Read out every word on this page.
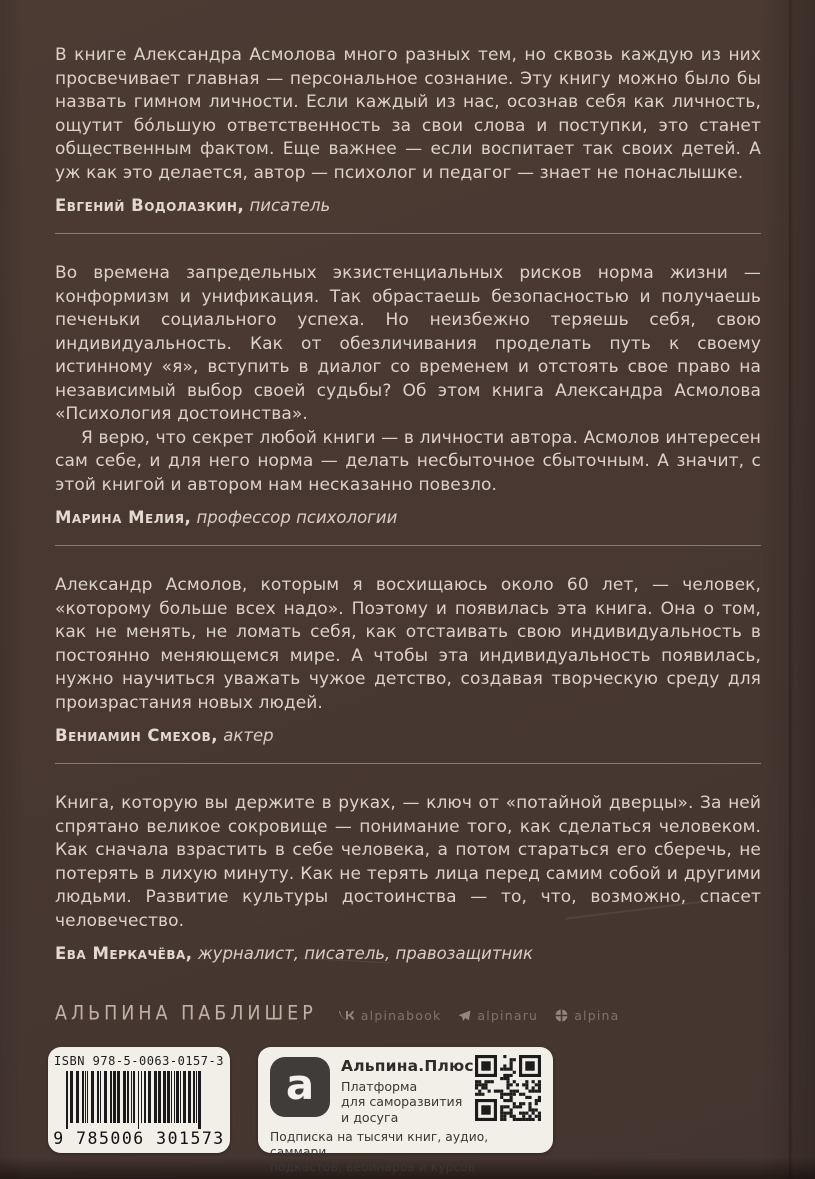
В книге Александра Асмолова много разных тем, но сквозь каждую из них просвечивает главная — персональное сознание. Эту книгу можно было бы назвать гимном личности. Если каждый из нас, осознав себя как личность, ощутит бо́льшую ответственность за свои слова и поступки, это станет общественным фактом. Еще важнее — если воспитает так своих детей. А уж как это делается, автор — психолог и педагог — знает не понаслышке.

Евгений Водолазкин, писатель

Во времена запредельных экзистенциальных рисков норма жизни — конформизм и унификация. Так обрастаешь безопасностью и получаешь печеньки социального успеха. Но неизбежно теряешь себя, свою индивидуальность. Как от обезличивания проделать путь к своему истинному «я», вступить в диалог со временем и отстоять свое право на независимый выбор своей судьбы? Об этом книга Александра Асмолова «Психология достоинства».

Я верю, что секрет любой книги — в личности автора. Асмолов интересен сам себе, и для него норма — делать несбыточное сбыточным. А значит, с этой книгой и автором нам несказанно повезло.

Марина Мелия, профессор психологии

Александр Асмолов, которым я восхищаюсь около 60 лет, — человек, «которому больше всех надо». Поэтому и появилась эта книга. Она о том, как не менять, не ломать себя, как отстаивать свою индивидуальность в постоянно меняющемся мире. А чтобы эта индивидуальность появилась, нужно научиться уважать чужое детство, создавая творческую среду для произрастания новых людей.

Вениамин Смехов, актер

Книга, которую вы держите в руках, — ключ от «потайной дверцы». За ней спрятано великое сокровище — понимание того, как сделаться человеком. Как сначала взрастить в себе человека, а потом стараться его сберечь, не потерять в лихую минуту. Как не терять лица перед самим собой и другими людьми. Развитие культуры достоинства — то, что, возможно, спасет человечество.

Ева Меркачёва, журналист, писатель, правозащитник
АЛЬПИНА ПАБЛИШЕР	alpinabook	alpinaru	alpina
ISBN 978-5-0063-0157-3
9 785006 301573
а	Альпина.Плюс
Платформа
для саморазвития
и досуга
Подписка на тысячи книг, аудио, саммари,
подкастов, вебинаров и курсов
